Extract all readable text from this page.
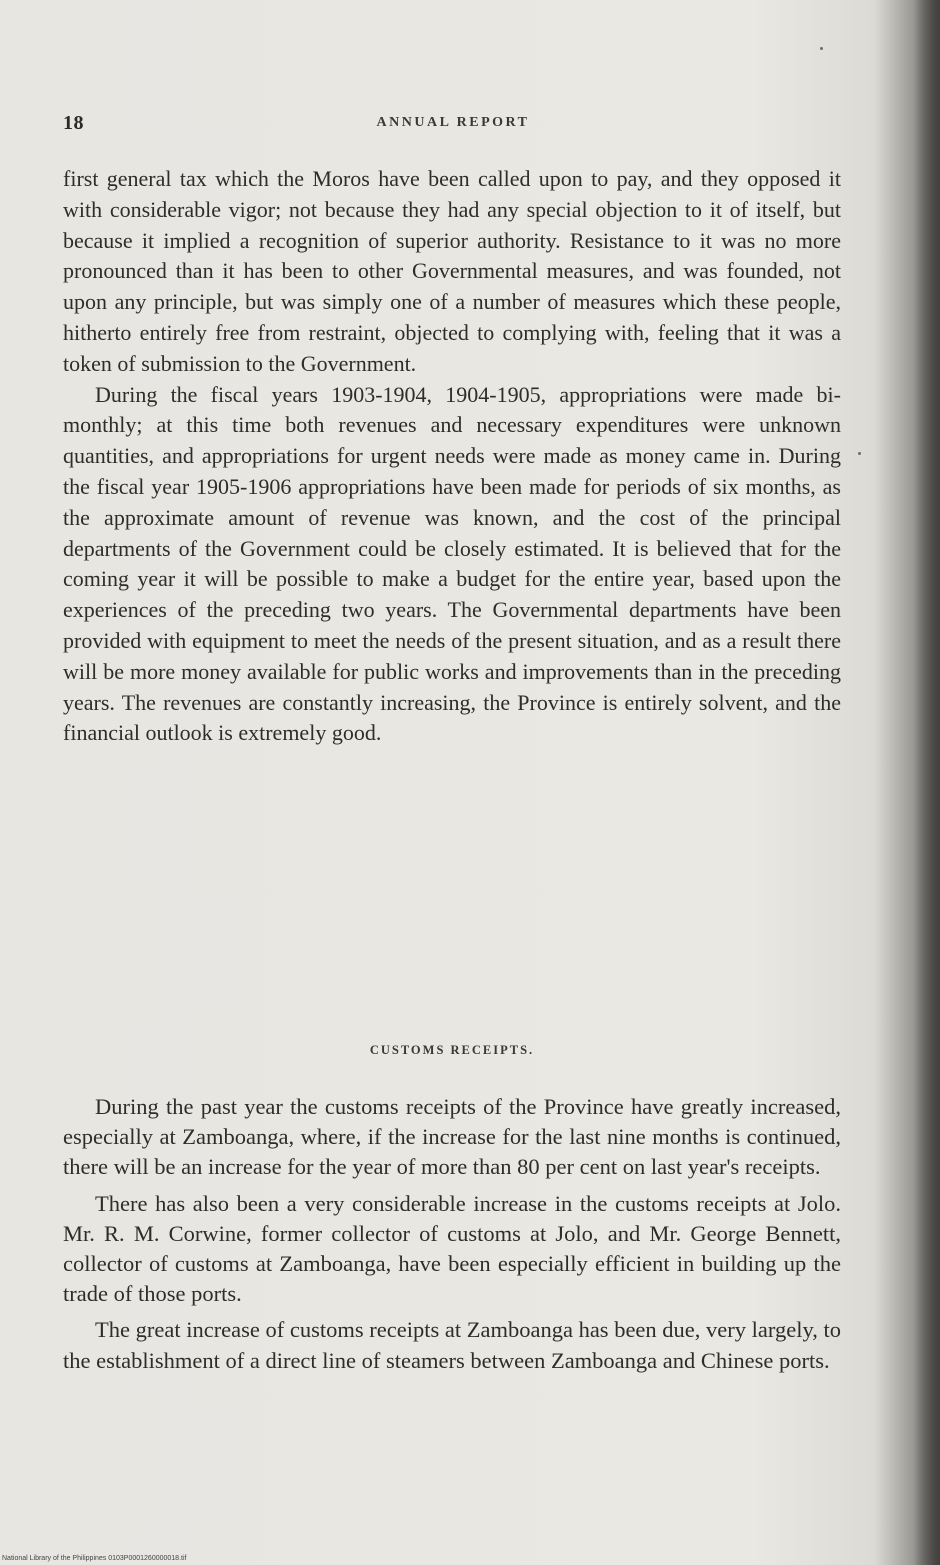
18	ANNUAL REPORT

first general tax which the Moros have been called upon to pay, and they opposed it with considerable vigor; not because they had any special objection to it of itself, but because it implied a recognition of superior authority. Resistance to it was no more pronounced than it has been to other Governmental measures, and was founded, not upon any principle, but was simply one of a number of measures which these people, hitherto entirely free from restraint, objected to complying with, feeling that it was a token of submission to the Government.

During the fiscal years 1903-1904, 1904-1905, appropriations were made bi-monthly; at this time both revenues and necessary expenditures were unknown quantities, and appropriations for urgent needs were made as money came in. During the fiscal year 1905-1906 appropriations have been made for periods of six months, as the approximate amount of revenue was known, and the cost of the principal departments of the Government could be closely estimated. It is believed that for the coming year it will be possible to make a budget for the entire year, based upon the experiences of the preceding two years. The Governmental departments have been provided with equipment to meet the needs of the present situation, and as a result there will be more money available for public works and improvements than in the preceding years. The revenues are constantly increasing, the Province is entirely solvent, and the financial outlook is extremely good.

CUSTOMS RECEIPTS.

During the past year the customs receipts of the Province have greatly increased, especially at Zamboanga, where, if the increase for the last nine months is continued, there will be an increase for the year of more than 80 per cent on last year's receipts.

There has also been a very considerable increase in the customs receipts at Jolo. Mr. R. M. Corwine, former collector of customs at Jolo, and Mr. George Bennett, collector of customs at Zamboanga, have been especially efficient in building up the trade of those ports.

The great increase of customs receipts at Zamboanga has been due, very largely, to the establishment of a direct line of steamers between Zamboanga and Chinese ports.

National Library of the Philippines 0103P0001260000018.tif
